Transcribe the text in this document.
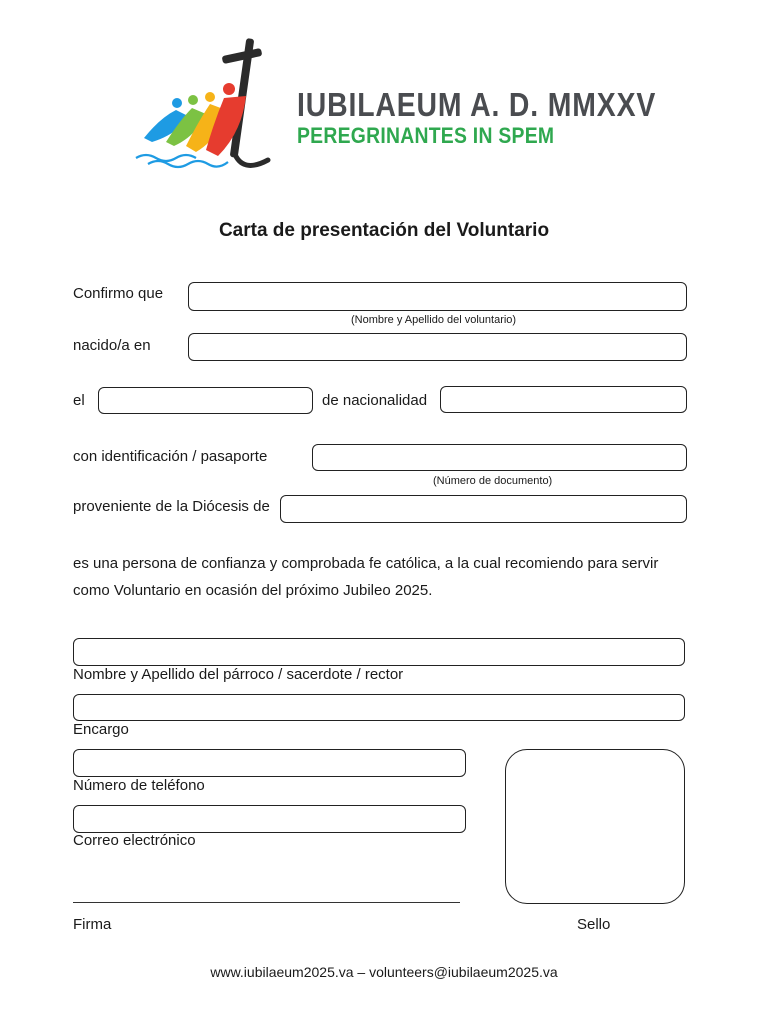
IUBILAEUM A. D. MMXXV
PEREGRINANTES IN SPEM
Carta de presentación del Voluntario
Confirmo que
(Nombre y Apellido del voluntario)
nacido/a en
el	de nacionalidad
con identificación / pasaporte
(Número de documento)
proveniente de la Diócesis de
es una persona de confianza y comprobada fe católica, a la cual recomiendo para servir
como Voluntario en ocasión del próximo Jubileo 2025.
Nombre y Apellido del párroco / sacerdote / rector
Encargo
Número de teléfono
Correo electrónico
Firma	Sello
www.iubilaeum2025.va – volunteers@iubilaeum2025.va
